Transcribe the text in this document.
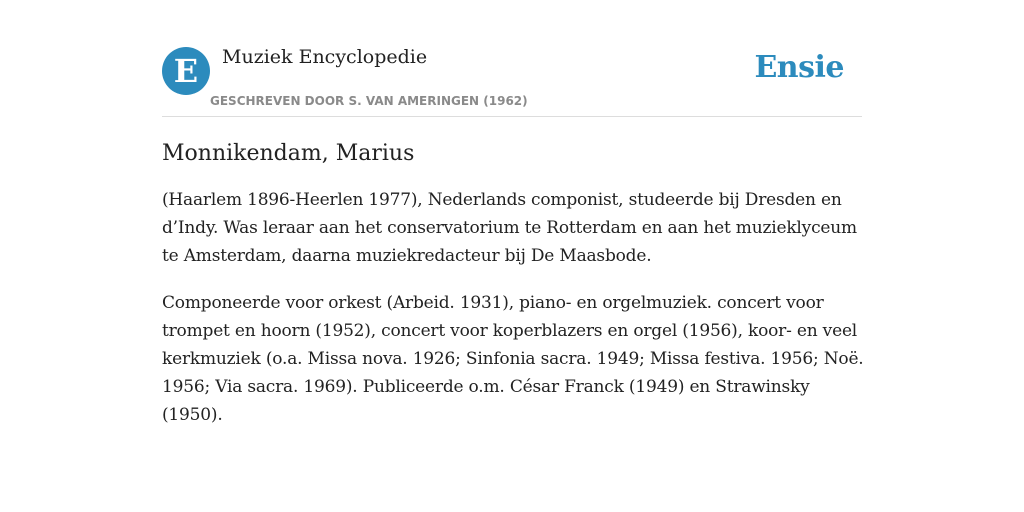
E	Muziek Encyclopedie
GESCHREVEN DOOR S. VAN AMERINGEN (1962)
Ensie
Monnikendam, Marius

(Haarlem 1896-Heerlen 1977), Nederlands componist, studeerde bij Dresden en d’Indy. Was leraar aan het conservatorium te Rotterdam en aan het muzieklyceum te Amsterdam, daarna muziekredacteur bij De Maasbode.

Componeerde voor orkest (Arbeid. 1931), piano- en orgelmuziek. concert voor trompet en hoorn (1952), concert voor koperblazers en orgel (1956), koor- en veel kerkmuziek (o.a. Missa nova. 1926; Sinfonia sacra. 1949; Missa festiva. 1956; Noë. 1956; Via sacra. 1969). Publiceerde o.m. César Franck (1949) en Strawinsky (1950).
